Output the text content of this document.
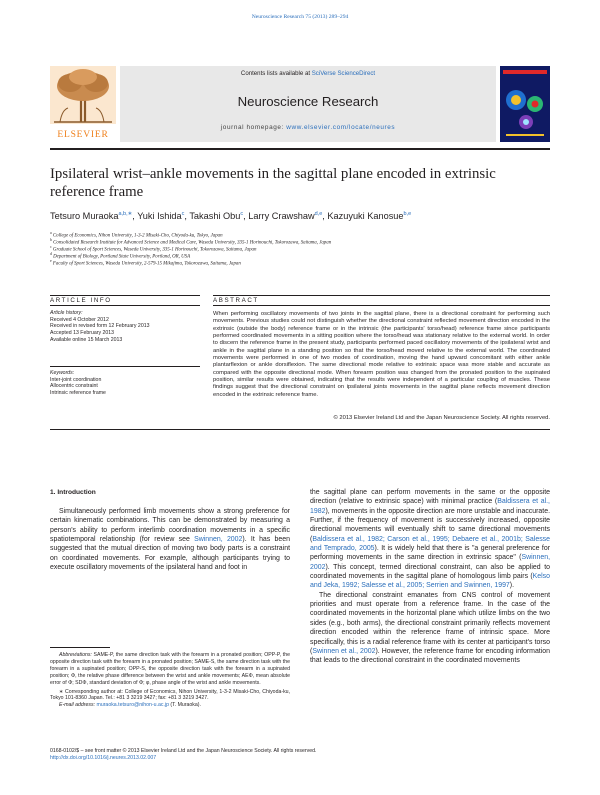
Neuroscience Research 75 (2013) 289–294
ELSEVIER
Contents lists available at SciVerse ScienceDirect
Neuroscience Research
journal homepage: www.elsevier.com/locate/neures
Ipsilateral wrist–ankle movements in the sagittal plane encoded in extrinsic reference frame
Tetsuro Muraoka$^{a,b,∗}$, Yuki Ishida$^c$, Takashi Obu$^c$, Larry Crawshaw$^{d,e}$, Kazuyuki Kanosue$^{b,e}$
$^a$ College of Economics, Nihon University, 1-3-2 Misaki-Cho, Chiyoda-ku, Tokyo, Japan
$^b$ Consolidated Research Institute for Advanced Science and Medical Care, Waseda University, 335-1 Horinouchi, Tokorozawa, Saitama, Japan
$^c$ Graduate School of Sport Sciences, Waseda University, 335-1 Horinouchi, Tokorozawa, Saitama, Japan
$^d$ Department of Biology, Portland State University, Portland, OR, USA
$^e$ Faculty of Sport Sciences, Waseda University, 2-579-15 Mikajima, Tokorozawa, Saitama, Japan
ARTICLE INFO	ABSTRACT
Article history:
Received 4 October 2012
Received in revised form 12 February 2013
Accepted 13 February 2013
Available online 15 March 2013
Keywords:
Inter-joint coordination
Allocentric constraint
Intrinsic reference frame
When performing oscillatory movements of two joints in the sagittal plane, there is a directional constraint for performing such movements. Previous studies could not distinguish whether the directional constraint reflected movement direction encoded in the extrinsic (outside the body) reference frame or in the intrinsic (the participants' torso/head) reference frame since participants performed coordinated movements in a sitting position where the torso/head was stationary relative to the external world. In order to discern the reference frame in the present study, participants performed paced oscillatory movements of the ipsilateral wrist and ankle in the sagittal plane in a standing position so that the torso/head moved relative to the external world. The coordinated movements were performed in one of two modes of coordination, moving the hand upward concomitant with either ankle plantarflexion or ankle dorsiflexion. The same directional mode relative to extrinsic space was more stable and accurate as compared with the opposite directional mode. When forearm position was changed from the pronated position to the supinated position, similar results were obtained, indicating that the results were independent of a particular coupling of muscles. These findings suggest that the directional constraint on ipsilateral joints movements in the sagittal plane reflects movement direction encoded in the extrinsic reference frame.
© 2013 Elsevier Ireland Ltd and the Japan Neuroscience Society. All rights reserved.
1. Introduction
Simultaneously performed limb movements show a strong preference for certain kinematic combinations. This can be demonstrated by measuring a person's ability to perform interlimb coordination movements in a specific spatiotemporal relationship (for review see Swinnen, 2002). It has been suggested that the mutual direction of moving two body parts is a constraint on coordinated movements. For example, although participants trying to execute oscillatory movements of the ipsilateral hand and foot in
the sagittal plane can perform movements in the same or the opposite direction (relative to extrinsic space) with minimal practice (Baldissera et al., 1982), movements in the opposite direction are more unstable and inaccurate. Further, if the frequency of movement is successively increased, opposite directional movements will eventually shift to same directional movements (Baldissera et al., 1982; Carson et al., 1995; Debaere et al., 2001b; Salesse and Temprado, 2005). It is widely held that there is "a general preference for performing movements in the same direction in extrinsic space" (Swinnen, 2002). This concept, termed directional constraint, can also be applied to coordinated movements in the sagittal plane of homologous limb pairs (Kelso and Jeka, 1992; Salesse et al., 2005; Serrien and Swinnen, 1997).
The directional constraint emanates from CNS control of movement priorities and must operate from a reference frame. In the case of the coordinated movements in the horizontal plane which utilize limbs on the two sides (e.g., both arms), the directional constraint primarily reflects movement direction encoded within the reference frame of intrinsic space. More specifically, this is a radial reference frame with its center at participant's torso (Swinnen et al., 2002). However, the reference frame for encoding information that leads to the directional constraint in the coordinated movements
Abbreviations: SAME-P, the same direction task with the forearm in a pronated position; OPP-P, the opposite direction task with the forearm in a pronated position; SAME-S, the same direction task with the forearm in a supinated position; OPP-S, the opposite direction task with the forearm in a supinated position; Φ, the relative phase difference between the wrist and ankle movements; AEΦ, mean absolute error of Φ; SDΦ, standard deviation of Φ; φ, phase angle of the wrist and ankle movements.
∗ Corresponding author at: College of Economics, Nihon University, 1-3-2 Misaki-Cho, Chiyoda-ku, Tokyo 101-8360 Japan. Tel.: +81 3 3219 3427; fax: +81 3 3219 3427.
E-mail address: muraoka.tetsuro@nihon-u.ac.jp (T. Muraoka).
0168-0102/$ – see front matter © 2013 Elsevier Ireland Ltd and the Japan Neuroscience Society. All rights reserved.
http://dx.doi.org/10.1016/j.neures.2013.02.007
